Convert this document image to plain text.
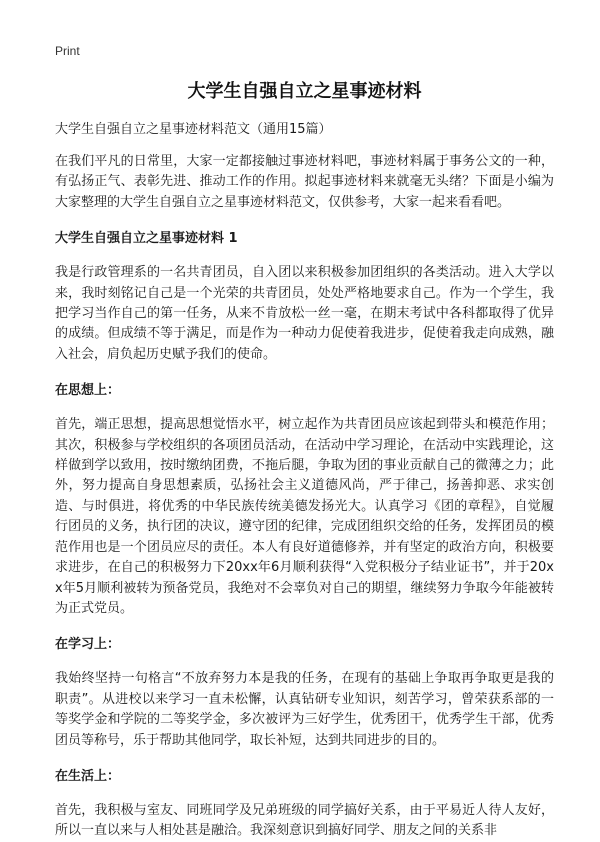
Print
大学生自强自立之星事迹材料
大学生自强自立之星事迹材料范文（通用15篇）

在我们平凡的日常里，大家一定都接触过事迹材料吧，事迹材料属于事务公文的一种，有弘扬正气、表彰先进、推动工作的作用。拟起事迹材料来就毫无头绪？下面是小编为大家整理的大学生自强自立之星事迹材料范文，仅供参考，大家一起来看看吧。

大学生自强自立之星事迹材料 1

我是行政管理系的一名共青团员，自入团以来积极参加团组织的各类活动。进入大学以来，我时刻铭记自己是一个光荣的共青团员，处处严格地要求自己。作为一个学生，我把学习当作自己的第一任务，从来不肯放松一丝一毫，在期末考试中各科都取得了优异的成绩。但成绩不等于满足，而是作为一种动力促使着我进步，促使着我走向成熟，融入社会，肩负起历史赋予我们的使命。

在思想上：

首先，端正思想，提高思想觉悟水平，树立起作为共青团员应该起到带头和模范作用；其次，积极参与学校组织的各项团员活动，在活动中学习理论，在活动中实践理论，这样做到学以致用，按时缴纳团费，不拖后腿，争取为团的事业贡献自己的微薄之力；此外，努力提高自身思想素质，弘扬社会主义道德风尚，严于律己，扬善抑恶、求实创造、与时俱进，将优秀的中华民族传统美德发扬光大。认真学习《团的章程》，自觉履行团员的义务，执行团的决议，遵守团的纪律，完成团组织交给的任务，发挥团员的模范作用也是一个团员应尽的责任。本人有良好道德修养，并有坚定的政治方向，积极要求进步，在自己的积极努力下20xx年6月顺利获得“入党积极分子结业证书”，并于20xx年5月顺利被转为预备党员，我绝对不会辜负对自己的期望，继续努力争取今年能被转为正式党员。

在学习上：

我始终坚持一句格言“不放弃努力本是我的任务，在现有的基础上争取再争取更是我的职责”。从进校以来学习一直未松懈，认真钻研专业知识，刻苦学习，曾荣获系部的一等奖学金和学院的二等奖学金，多次被评为三好学生，优秀团干，优秀学生干部，优秀团员等称号，乐于帮助其他同学，取长补短，达到共同进步的目的。

在生活上：

首先，我积极与室友、同班同学及兄弟班级的同学搞好关系，由于平易近人待人友好，所以一直以来与人相处甚是融洽。我深刻意识到搞好同学、朋友之间的关系非
